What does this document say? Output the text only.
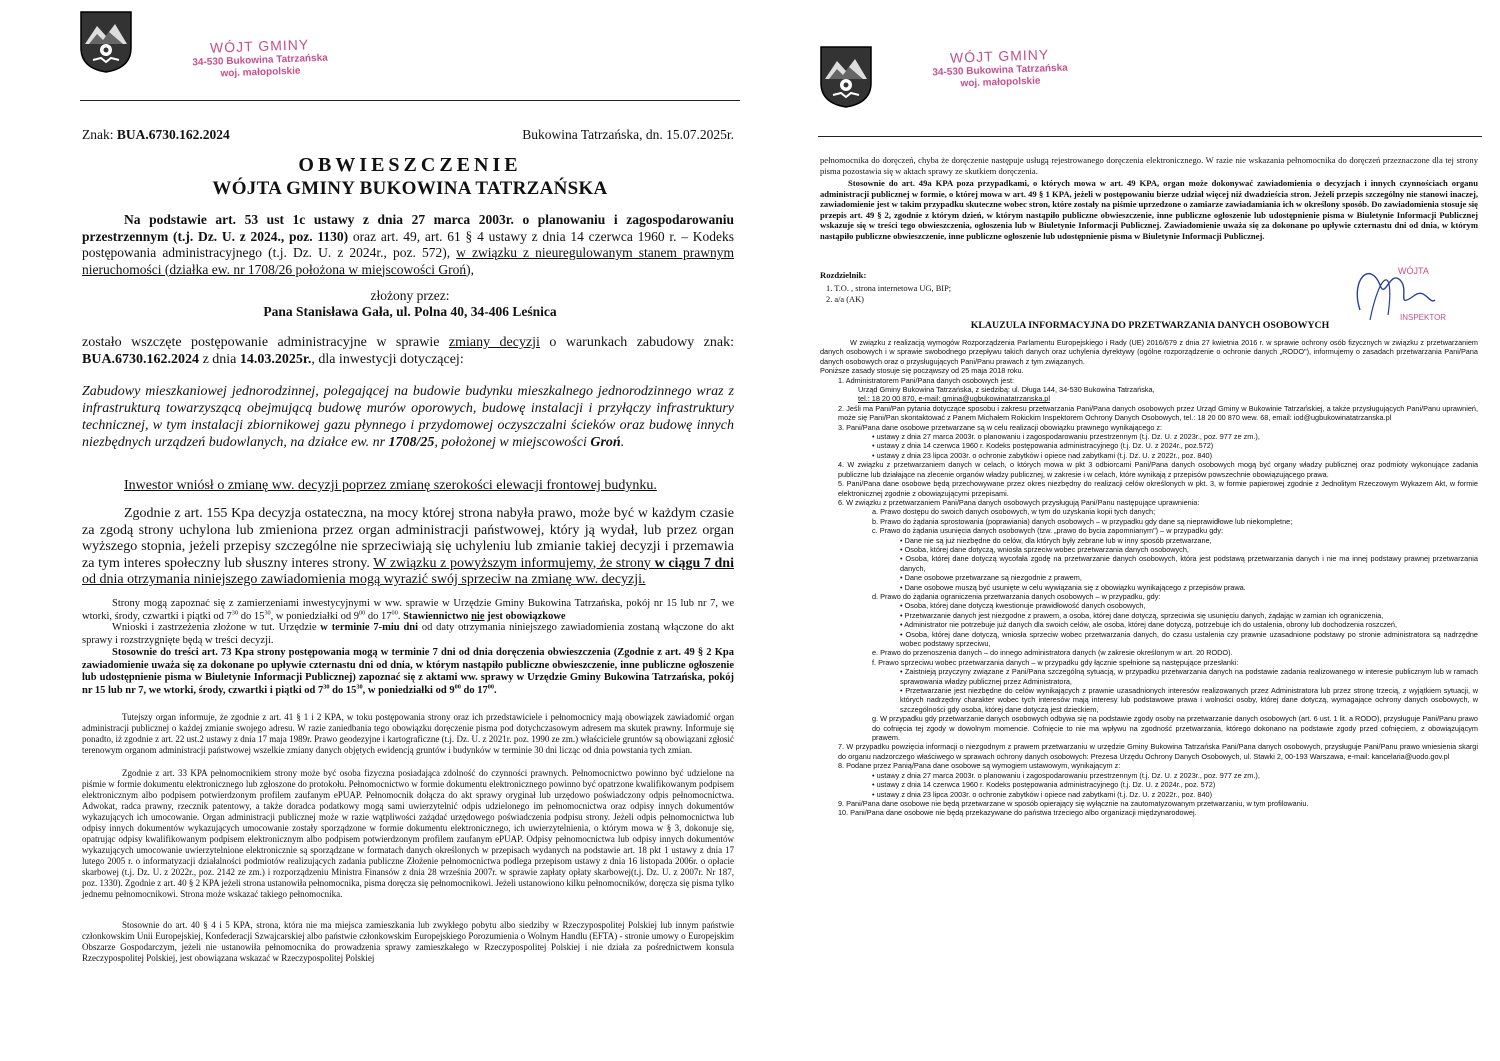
WÓJT GMINY
34-530 Bukowina Tatrzańska
woj. małopolskie
Znak: BUA.6730.162.2024	Bukowina Tatrzańska, dn. 15.07.2025r.
OBWIESZCZENIE
WÓJTA GMINY BUKOWINA TATRZAŃSKA
Na podstawie art. 53 ust 1c ustawy z dnia 27 marca 2003r. o planowaniu i zagospodarowaniu przestrzennym (t.j. Dz. U. z 2024., poz. 1130) oraz art. 49, art. 61 § 4 ustawy z dnia 14 czerwca 1960 r. – Kodeks postępowania administracyjnego (t.j. Dz. U. z 2024r., poz. 572), w związku z nieuregulowanym stanem prawnym nieruchomości (działka ew. nr 1708/26 położona w miejscowości Groń),
złożony przez:
Pana Stanisława Gała, ul. Polna 40, 34-406 Leśnica
zostało wszczęte postępowanie administracyjne w sprawie zmiany decyzji o warunkach zabudowy znak: BUA.6730.162.2024 z dnia 14.03.2025r., dla inwestycji dotyczącej:
Zabudowy mieszkaniowej jednorodzinnej, polegającej na budowie budynku mieszkalnego jednorodzinnego wraz z infrastrukturą towarzyszącą obejmującą budowę murów oporowych, budowę instalacji i przyłączy infrastruktury technicznej, w tym instalacji zbiornikowej gazu płynnego i przydomowej oczyszczalni ścieków oraz budowę innych niezbędnych urządzeń budowlanych, na działce ew. nr 1708/25, położonej w miejscowości Groń.
Inwestor wniósł o zmianę ww. decyzji poprzez zmianę szerokości elewacji frontowej budynku.
Zgodnie z art. 155 Kpa decyzja ostateczna, na mocy której strona nabyła prawo, może być w każdym czasie za zgodą strony uchylona lub zmieniona przez organ administracji państwowej, który ją wydał, lub przez organ wyższego stopnia, jeżeli przepisy szczególne nie sprzeciwiają się uchyleniu lub zmianie takiej decyzji i przemawia za tym interes społeczny lub słuszny interes strony. W związku z powyższym informujemy, że strony w ciągu 7 dni od dnia otrzymania niniejszego zawiadomienia mogą wyrazić swój sprzeciw na zmianę ww. decyzji.
Strony mogą zapoznać się z zamierzeniami inwestycyjnymi w ww. sprawie w Urzędzie Gminy Bukowina Tatrzańska, pokój nr 15 lub nr 7, we wtorki, środy, czwartki i piątki od $7^{30}$ do $15^{30}$, w poniedziałki od $9^{00}$ do $17^{00}$. Stawiennictwo nie jest obowiązkowe
Wnioski i zastrzeżenia złożone w tut. Urzędzie w terminie 7-miu dni od daty otrzymania niniejszego zawiadomienia zostaną włączone do akt sprawy i rozstrzygnięte będą w treści decyzji.
Stosownie do treści art. 73 Kpa strony postępowania mogą w terminie 7 dni od dnia doręczenia obwieszczenia (Zgodnie z art. 49 § 2 Kpa zawiadomienie uważa się za dokonane po upływie czternastu dni od dnia, w którym nastąpiło publiczne obwieszczenie, inne publiczne ogłoszenie lub udostępnienie pisma w Biuletynie Informacji Publicznej) zapoznać się z aktami ww. sprawy w Urzędzie Gminy Bukowina Tatrzańska, pokój nr 15 lub nr 7, we wtorki, środy, czwartki i piątki od $7^{30}$ do $15^{30}$, w poniedziałki od $9^{00}$ do $17^{00}$.
Tutejszy organ informuje, że zgodnie z art. 41 § 1 i 2 KPA, w toku postępowania strony oraz ich przedstawiciele i pełnomocnicy mają obowiązek zawiadomić organ administracji publicznej o każdej zmianie swojego adresu. W razie zaniedbania tego obowiązku doręczenie pisma pod dotychczasowym adresem ma skutek prawny. Informuje się ponadto, iż zgodnie z art. 22 ust.2 ustawy z dnia 17 maja 1989r. Prawo geodezyjne i kartograficzne (t.j. Dz. U. z 2021r. poz. 1990 ze zm.) właściciele gruntów są obowiązani zgłosić terenowym organom administracji państwowej wszelkie zmiany danych objętych ewidencją gruntów i budynków w terminie 30 dni licząc od dnia powstania tych zmian.
Zgodnie z art. 33 KPA pełnomocnikiem strony może być osoba fizyczna posiadająca zdolność do czynności prawnych. Pełnomocnictwo powinno być udzielone na piśmie w formie dokumentu elektronicznego lub zgłoszone do protokołu. Pełnomocnictwo w formie dokumentu elektronicznego powinno być opatrzone kwalifikowanym podpisem elektronicznym albo podpisem potwierdzonym profilem zaufanym ePUAP. Pełnomocnik dołącza do akt sprawy oryginał lub urzędowo poświadczony odpis pełnomocnictwa. Adwokat, radca prawny, rzecznik patentowy, a także doradca podatkowy mogą sami uwierzytelnić odpis udzielonego im pełnomocnictwa oraz odpisy innych dokumentów wykazujących ich umocowanie. Organ administracji publicznej może w razie wątpliwości zażądać urzędowego poświadczenia podpisu strony. Jeżeli odpis pełnomocnictwa lub odpisy innych dokumentów wykazujących umocowanie zostały sporządzone w formie dokumentu elektronicznego, ich uwierzytelnienia, o którym mowa w § 3, dokonuje się, opatrując odpisy kwalifikowanym podpisem elektronicznym albo podpisem potwierdzonym profilem zaufanym ePUAP. Odpisy pełnomocnictwa lub odpisy innych dokumentów wykazujących umocowanie uwierzytelnione elektronicznie są sporządzane w formatach danych określonych w przepisach wydanych na podstawie art. 18 pkt 1 ustawy z dnia 17 lutego 2005 r. o informatyzacji działalności podmiotów realizujących zadania publiczne Złożenie pełnomocnictwa podlega przepisom ustawy z dnia 16 listopada 2006r. o opłacie skarbowej (t.j. Dz. U. z 2022r., poz. 2142 ze zm.) i rozporządzeniu Ministra Finansów z dnia 28 września 2007r. w sprawie zapłaty opłaty skarbowej(t.j. Dz. U. z 2007r. Nr 187, poz. 1330). Zgodnie z art. 40 § 2 KPA jeżeli strona ustanowiła pełnomocnika, pisma doręcza się pełnomocnikowi. Jeżeli ustanowiono kilku pełnomocników, doręcza się pisma tylko jednemu pełnomocnikowi. Strona może wskazać takiego pełnomocnika.
Stosownie do art. 40 § 4 i 5 KPA, strona, która nie ma miejsca zamieszkania lub zwykłego pobytu albo siedziby w Rzeczypospolitej Polskiej lub innym państwie członkowskim Unii Europejskiej, Konfederacji Szwajcarskiej albo państwie członkowskim Europejskiego Porozumienia o Wolnym Handlu (EFTA) - stronie umowy o Europejskim Obszarze Gospodarczym, jeżeli nie ustanowiła pełnomocnika do prowadzenia sprawy zamieszkałego w Rzeczypospolitej Polskiej i nie działa za pośrednictwem konsula Rzeczypospolitej Polskiej, jest obowiązana wskazać w Rzeczypospolitej Polskiej
WÓJT GMINY
34-530 Bukowina Tatrzańska
woj. małopolskie
pełnomocnika do doręczeń, chyba że doręczenie następuje usługą rejestrowanego doręczenia elektronicznego. W razie nie wskazania pełnomocnika do doręczeń przeznaczone dla tej strony pisma pozostawia się w aktach sprawy ze skutkiem doręczenia.
Stosownie do art. 49a KPA poza przypadkami, o których mowa w art. 49 KPA, organ może dokonywać zawiadomienia o decyzjach i innych czynnościach organu administracji publicznej w formie, o której mowa w art. 49 § 1 KPA, jeżeli w postępowaniu bierze udział więcej niż dwadzieścia stron. Jeżeli przepis szczególny nie stanowi inaczej, zawiadomienie jest w takim przypadku skuteczne wobec stron, które zostały na piśmie uprzedzone o zamiarze zawiadamiania ich w określony sposób. Do zawiadomienia stosuje się przepis art. 49 § 2, zgodnie z którym dzień, w którym nastąpiło publiczne obwieszczenie, inne publiczne ogłoszenie lub udostępnienie pisma w Biuletynie Informacji Publicznej wskazuje się w treści tego obwieszczenia, ogłoszenia lub w Biuletynie Informacji Publicznej. Zawiadomienie uważa się za dokonane po upływie czternastu dni od dnia, w którym nastąpiło publiczne obwieszczenie, inne publiczne ogłoszenie lub udostępnienie pisma w Biuletynie Informacji Publicznej.
Rozdzielnik:
1. T.O. , strona internetowa UG, BIP;
2. a/a (AK)
WÓJTA
INSPEKTOR
KLAUZULA INFORMACYJNA DO PRZETWARZANIA DANYCH OSOBOWYCH

W związku z realizacją wymogów Rozporządzenia Parlamentu Europejskiego i Rady (UE) 2016/679 z dnia 27 kwietnia 2016 r. w sprawie ochrony osób fizycznych w związku z przetwarzaniem danych osobowych i w sprawie swobodnego przepływu takich danych oraz uchylenia dyrektywy (ogólne rozporządzenie o ochronie danych „RODO"), informujemy o zasadach przetwarzania Pani/Pana danych osobowych oraz o przysługujących Pani/Panu prawach z tym związanych.

Poniższe zasady stosuje się począwszy od 25 maja 2018 roku.

1. Administratorem Pani/Pana danych osobowych jest:

Urząd Gminy Bukowina Tatrzańska, z siedzibą: ul. Długa 144, 34-530 Bukowina Tatrzańska,

tel.: 18 20 00 870, e-mail: gmina@ugbukowinatatrzanska.pl

2. Jeśli ma Pani/Pan pytania dotyczące sposobu i zakresu przetwarzania Pani/Pana danych osobowych przez Urząd Gminy w Bukowinie Tatrzańskiej, a także przysługujących Pani/Panu uprawnień, może się Pani/Pan skontaktować z Panem Michałem Rokickim Inspektorem Ochrony Danych Osobowych, tel.: 18 20 00 870 wew. 68, email: iod@ugbukowinatatrzanska.pl

3. Pani/Pana dane osobowe przetwarzane są w celu realizacji obowiązku prawnego wynikającego z:

• ustawy z dnia 27 marca 2003r. o planowaniu i zagospodarowaniu przestrzennym (t.j. Dz. U. z 2023r., poz. 977 ze zm.),

• ustawy z dnia 14 czerwca 1960 r. Kodeks postępowania administracyjnego (t.j. Dz. U. z 2024r., poz.572)

• ustawy z dnia 23 lipca 2003r. o ochronie zabytków i opiece nad zabytkami (t.j. Dz. U. z 2022r., poz. 840)

4. W związku z przetwarzaniem danych w celach, o których mowa w pkt 3 odbiorcami Pani/Pana danych osobowych mogą być organy władzy publicznej oraz podmioty wykonujące zadania publiczne lub działające na zlecenie organów władzy publicznej, w zakresie i w celach, które wynikają z przepisów powszechnie obowiązującego prawa.

5. Pani/Pana dane osobowe będą przechowywane przez okres niezbędny do realizacji celów określonych w pkt. 3, w formie papierowej zgodnie z Jednolitym Rzeczowym Wykazem Akt, w formie elektronicznej zgodnie z obowiązującymi przepisami.

6. W związku z przetwarzaniem Pani/Pana danych osobowych przysługują Pani/Panu następujące uprawnienia:

a. Prawo dostępu do swoich danych osobowych, w tym do uzyskania kopii tych danych;

b. Prawo do żądania sprostowania (poprawiania) danych osobowych – w przypadku gdy dane są nieprawidłowe lub niekompletne;

c. Prawo do żądania usunięcia danych osobowych (tzw. „prawo do bycia zapomnianym") – w przypadku gdy:

• Dane nie są już niezbędne do celów, dla których były zebrane lub w inny sposób przetwarzane,

• Osoba, której dane dotyczą, wniosła sprzeciw wobec przetwarzania danych osobowych,

• Osoba, której dane dotyczą wycofała zgodę na przetwarzanie danych osobowych, która jest podstawą przetwarzania danych i nie ma innej podstawy prawnej przetwarzania danych,

• Dane osobowe przetwarzane są niezgodnie z prawem,

• Dane osobowe muszą być usunięte w celu wywiązania się z obowiązku wynikającego z przepisów prawa.

d. Prawo do żądania ograniczenia przetwarzania danych osobowych – w przypadku, gdy:

• Osoba, której dane dotyczą kwestionuje prawidłowość danych osobowych,

• Przetwarzanie danych jest niezgodne z prawem, a osoba, której dane dotyczą, sprzeciwia się usunięciu danych, żądając w zamian ich ograniczenia,

• Administrator nie potrzebuje już danych dla swoich celów, ale osoba, której dane dotyczą, potrzebuje ich do ustalenia, obrony lub dochodzenia roszczeń,

• Osoba, której dane dotyczą, wniosła sprzeciw wobec przetwarzania danych, do czasu ustalenia czy prawnie uzasadnione podstawy po stronie administratora są nadrzędne wobec podstawy sprzeciwu,

e. Prawo do przenoszenia danych – do innego administratora danych (w zakresie określonym w art. 20 RODO).

f. Prawo sprzeciwu wobec przetwarzania danych – w przypadku gdy łącznie spełnione są następujące przesłanki:

• Zaistnieją przyczyny związane z Pani/Pana szczególną sytuacją, w przypadku przetwarzania danych na podstawie zadania realizowanego w interesie publicznym lub w ramach sprawowania władzy publicznej przez Administratora,

• Przetwarzanie jest niezbędne do celów wynikających z prawnie uzasadnionych interesów realizowanych przez Administratora lub przez stronę trzecią, z wyjątkiem sytuacji, w których nadrzędny charakter wobec tych interesów mają interesy lub podstawowe prawa i wolności osoby, której dane dotyczą, wymagające ochrony danych osobowych, w szczególności gdy osoba, której dane dotyczą jest dzieckiem,

g. W przypadku gdy przetwarzanie danych osobowych odbywa się na podstawie zgody osoby na przetwarzanie danych osobowych (art. 6 ust. 1 lit. a RODO), przysługuje Pani/Panu prawo do cofnięcia tej zgody w dowolnym momencie. Cofnięcie to nie ma wpływu na zgodność przetwarzania, którego dokonano na podstawie zgody przed cofnięciem, z obowiązującym prawem.

7. W przypadku powzięcia informacji o niezgodnym z prawem przetwarzaniu w urzędzie Gminy Bukowina Tatrzańska Pani/Pana danych osobowych, przysługuje Pani/Panu prawo wniesienia skargi do organu nadzorczego właściwego w sprawach ochrony danych osobowych: Prezesa Urzędu Ochrony Danych Osobowych, ul. Stawki 2, 00-193 Warszawa, e-mail: kancelaria@uodo.gov.pl

8. Podane przez Panią/Pana dane osobowe są wymogiem ustawowym, wynikającym z:

• ustawy z dnia 27 marca 2003r. o planowaniu i zagospodarowaniu przestrzennym (t.j. Dz. U. z 2023r., poz. 977 ze zm.),

• ustawy z dnia 14 czerwca 1960 r. Kodeks postępowania administracyjnego (t.j. Dz. U. z 2024r., poz. 572)

• ustawy z dnia 23 lipca 2003r. o ochronie zabytków i opiece nad zabytkami (t.j. Dz. U. z 2022r., poz. 840)

9. Pani/Pana dane osobowe nie będą przetwarzane w sposób opierający się wyłącznie na zautomatyzowanym przetwarzaniu, w tym profilowaniu.

10. Pani/Pana dane osobowe nie będą przekazywane do państwa trzeciego albo organizacji międzynarodowej.
